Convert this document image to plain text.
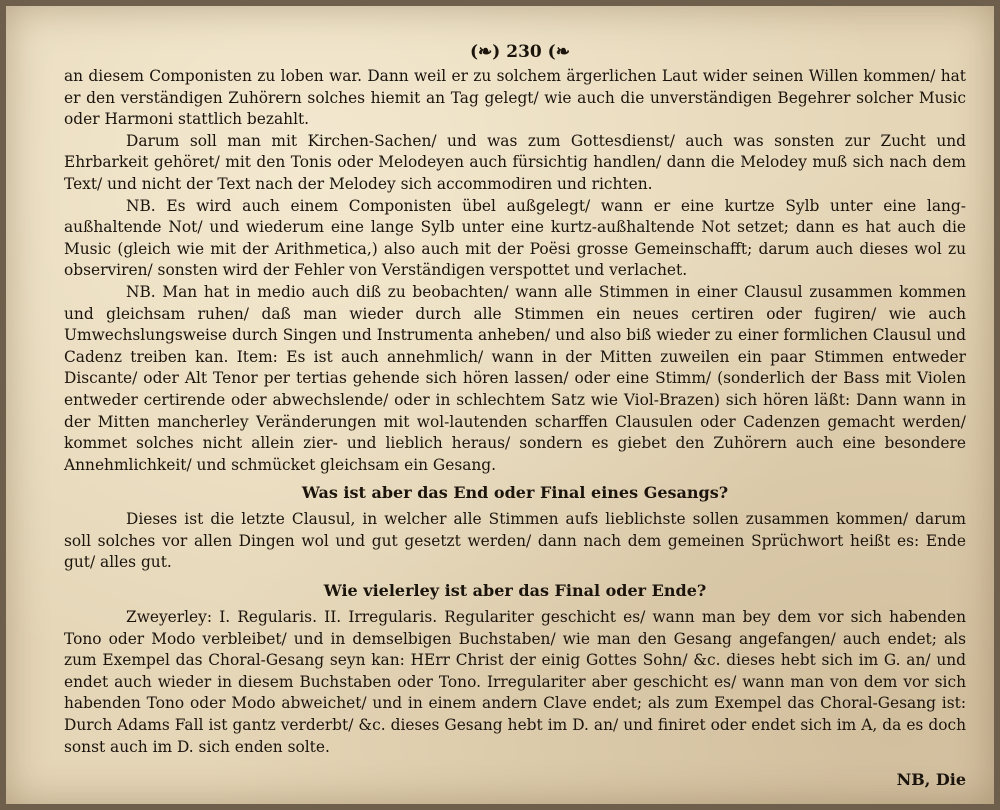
(❧) 230 (❧

an diesem Componisten zu loben war. Dann weil er zu solchem ärgerlichen Laut wider seinen Willen kommen/ hat er den verständigen Zuhörern solches hiemit an Tag gelegt/ wie auch die unverständigen Begehrer solcher Music oder Harmoni stattlich bezahlt.

Darum soll man mit Kirchen-Sachen/ und was zum Gottesdienst/ auch was sonsten zur Zucht und Ehrbarkeit gehöret/ mit den Tonis oder Melodeyen auch fürsichtig handlen/ dann die Melodey muß sich nach dem Text/ und nicht der Text nach der Melodey sich accommodiren und richten.

NB. Es wird auch einem Componisten übel außgelegt/ wann er eine kurtze Sylb unter eine lang-außhaltende Not/ und wiederum eine lange Sylb unter eine kurtz-außhaltende Not setzet; dann es hat auch die Music (gleich wie mit der Arithmetica,) also auch mit der Poësi grosse Gemeinschafft; darum auch dieses wol zu observiren/ sonsten wird der Fehler von Verständigen verspottet und verlachet.

NB. Man hat in medio auch diß zu beobachten/ wann alle Stimmen in einer Clausul zusammen kommen und gleichsam ruhen/ daß man wieder durch alle Stimmen ein neues certiren oder fugiren/ wie auch Umwechslungsweise durch Singen und Instrumenta anheben/ und also biß wieder zu einer formlichen Clausul und Cadenz treiben kan. Item: Es ist auch annehmlich/ wann in der Mitten zuweilen ein paar Stimmen entweder Discante/ oder Alt Tenor per tertias gehende sich hören lassen/ oder eine Stimm/ (sonderlich der Bass mit Violen entweder certirende oder abwechslende/ oder in schlechtem Satz wie Viol-Brazen) sich hören läßt: Dann wann in der Mitten mancherley Veränderungen mit wol-lautenden scharffen Clausulen oder Cadenzen gemacht werden/ kommet solches nicht allein zier- und lieblich heraus/ sondern es giebet den Zuhörern auch eine besondere Annehmlichkeit/ und schmücket gleichsam ein Gesang.

Was ist aber das End oder Final eines Gesangs?

Dieses ist die letzte Clausul, in welcher alle Stimmen aufs lieblichste sollen zusammen kommen/ darum soll solches vor allen Dingen wol und gut gesetzt werden/ dann nach dem gemeinen Sprüchwort heißt es: Ende gut/ alles gut.

Wie vielerley ist aber das Final oder Ende?

Zweyerley: I. Regularis. II. Irregularis. Regulariter geschicht es/ wann man bey dem vor sich habenden Tono oder Modo verbleibet/ und in demselbigen Buchstaben/ wie man den Gesang angefangen/ auch endet; als zum Exempel das Choral-Gesang seyn kan: HErr Christ der einig Gottes Sohn/ &c. dieses hebt sich im G. an/ und endet auch wieder in diesem Buchstaben oder Tono. Irregulariter aber geschicht es/ wann man von dem vor sich habenden Tono oder Modo abweichet/ und in einem andern Clave endet; als zum Exempel das Choral-Gesang ist: Durch Adams Fall ist gantz verderbt/ &c. dieses Gesang hebt im D. an/ und finiret oder endet sich im A, da es doch sonst auch im D. sich enden solte.

NB, Die
